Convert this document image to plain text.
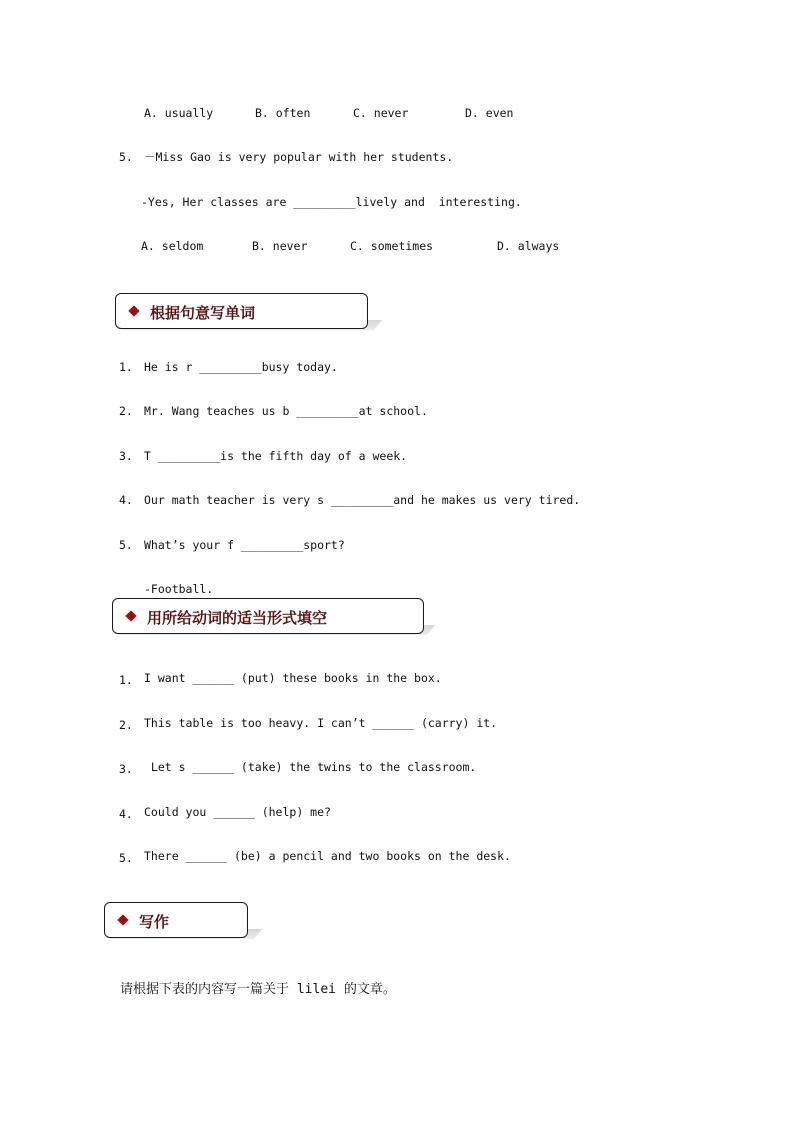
A. usually	B. often	C. never	D. even
5. －Miss Gao is very popular with her students.
-Yes, Her classes are _________lively and  interesting.
A. seldom	B. never	C. sometimes	D. always
根据句意写单词
1. He is r _________busy today.
2. Mr. Wang teaches us b _________at school.
3. T _________is the fifth day of a week.
4. Our math teacher is very s _________and he makes us very tired.
5. What’s your f _________sport?
-Football.
用所给动词的适当形式填空
1. I want ______ (put) these books in the box.
2. This table is too heavy. I can’t ______ (carry) it.
3. Let s ______ (take) the twins to the classroom.
4. Could you ______ (help) me?
5. There ______ (be) a pencil and two books on the desk.
写作
请根据下表的内容写一篇关于 lilei 的文章。
